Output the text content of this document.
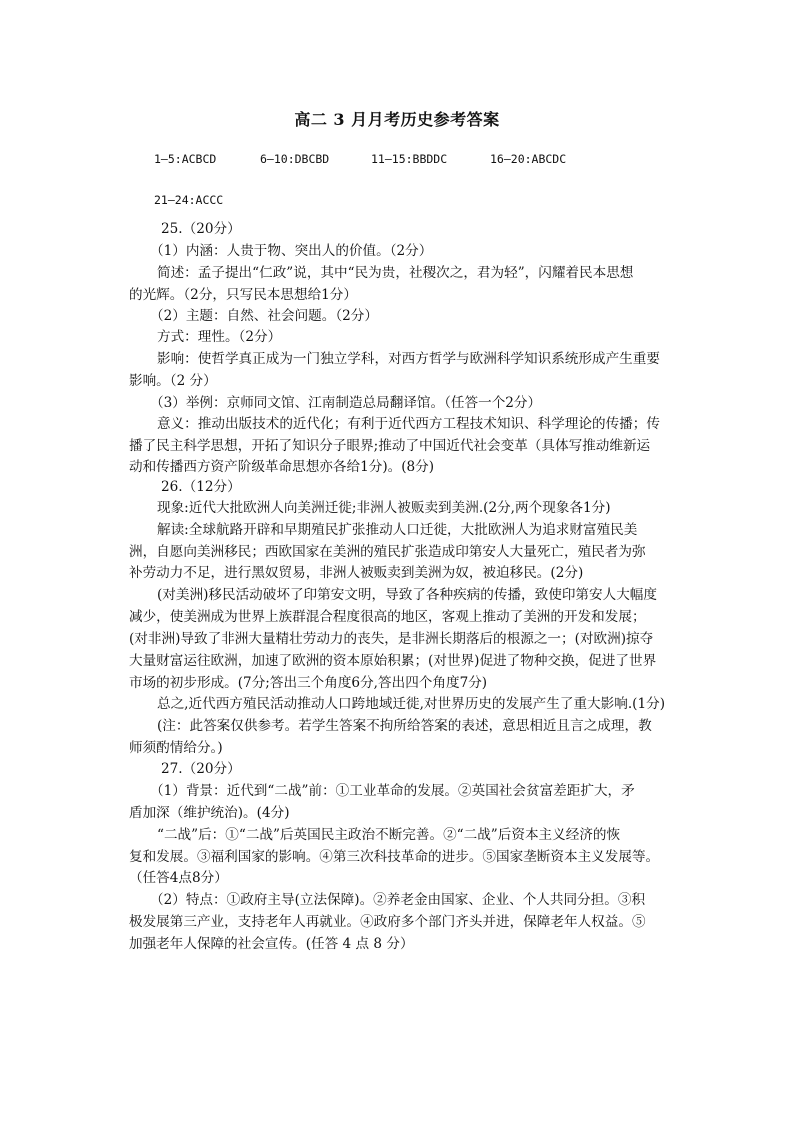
高二 3 月月考历史参考答案
1—5:ACBCD	6—10:DBCBD	11—15:BBDDC	16—20:ABCDC
21—24:ACCC
25.（20分）
（1）内涵：人贵于物、突出人的价值。（2分）
简述：孟子提出“仁政”说，其中“民为贵，社稷次之，君为轻”，闪耀着民本思想
的光辉。（2分，只写民本思想给1分）
（2）主题：自然、社会问题。（2分）
方式：理性。（2分）
影响：使哲学真正成为一门独立学科，对西方哲学与欧洲科学知识系统形成产生重要
影响。（2 分）
（3）举例：京师同文馆、江南制造总局翻译馆。（任答一个2分）
意义：推动出版技术的近代化；有利于近代西方工程技术知识、科学理论的传播；传
播了民主科学思想，开拓了知识分子眼界;推动了中国近代社会变革（具体写推动维新运
动和传播西方资产阶级革命思想亦各给1分)。(8分)
26.（12分）
现象:近代大批欧洲人向美洲迁徙;非洲人被贩卖到美洲.(2分,两个现象各1分)
解读:全球航路开辟和早期殖民扩张推动人口迁徙，大批欧洲人为追求财富殖民美
洲，自愿向美洲移民；西欧国家在美洲的殖民扩张造成印第安人大量死亡，殖民者为弥
补劳动力不足，进行黑奴贸易，非洲人被贩卖到美洲为奴，被迫移民。(2分)
(对美洲)移民活动破坏了印第安文明，导致了各种疾病的传播，致使印第安人大幅度
减少，使美洲成为世界上族群混合程度很高的地区，客观上推动了美洲的开发和发展；
(对非洲)导致了非洲大量精壮劳动力的丧失，是非洲长期落后的根源之一；(对欧洲)掠夺
大量财富运往欧洲，加速了欧洲的资本原始积累；(对世界)促进了物种交换，促进了世界
市场的初步形成。(7分;答出三个角度6分,答出四个角度7分)
总之,近代西方殖民活动推动人口跨地域迁徙,对世界历史的发展产生了重大影响.(1分)
(注：此答案仅供参考。若学生答案不拘所给答案的表述，意思相近且言之成理，教
师须酌情给分。)
27.（20分）
（1）背景：近代到“二战”前：①工业革命的发展。②英国社会贫富差距扩大，矛
盾加深（维护统治)。(4分)
“二战”后：①“二战”后英国民主政治不断完善。②“二战”后资本主义经济的恢
复和发展。③福利国家的影响。④第三次科技革命的进步。⑤国家垄断资本主义发展等。
（任答4点8分）
（2）特点：①政府主导(立法保障)。②养老金由国家、企业、个人共同分担。③积
极发展第三产业，支持老年人再就业。④政府多个部门齐头并进，保障老年人权益。⑤
加强老年人保障的社会宣传。(任答 4 点 8 分）
